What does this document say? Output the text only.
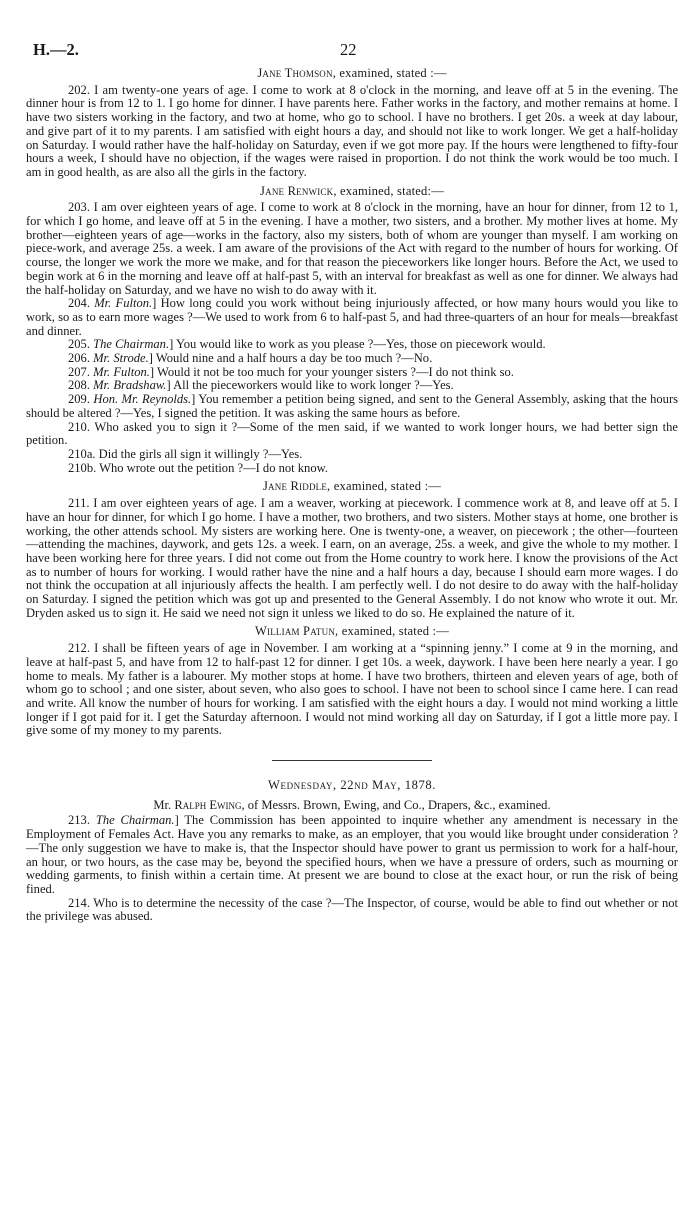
H.—2.	22

Jane Thomson, examined, stated :—

202. I am twenty-one years of age. I come to work at 8 o'clock in the morning, and leave off at 5 in the evening. The dinner hour is from 12 to 1. I go home for dinner. I have parents here. Father works in the factory, and mother remains at home. I have two sisters working in the factory, and two at home, who go to school. I have no brothers. I get 20s. a week at day labour, and give part of it to my parents. I am satisfied with eight hours a day, and should not like to work longer. We get a half-holiday on Saturday. I would rather have the half-holiday on Saturday, even if we got more pay. If the hours were lengthened to fifty-four hours a week, I should have no objection, if the wages were raised in proportion. I do not think the work would be too much. I am in good health, as are also all the girls in the factory.

Jane Renwick, examined, stated:—

203. I am over eighteen years of age. I come to work at 8 o'clock in the morning, have an hour for dinner, from 12 to 1, for which I go home, and leave off at 5 in the evening. I have a mother, two sisters, and a brother. My mother lives at home. My brother—eighteen years of age—works in the factory, also my sisters, both of whom are younger than myself. I am working on piece-work, and average 25s. a week. I am aware of the provisions of the Act with regard to the number of hours for working. Of course, the longer we work the more we make, and for that reason the pieceworkers like longer hours. Before the Act, we used to begin work at 6 in the morning and leave off at half-past 5, with an interval for breakfast as well as one for dinner. We always had the half-holiday on Saturday, and we have no wish to do away with it.

204. Mr. Fulton.] How long could you work without being injuriously affected, or how many hours would you like to work, so as to earn more wages ?—We used to work from 6 to half-past 5, and had three-quarters of an hour for meals—breakfast and dinner.

205. The Chairman.] You would like to work as you please ?—Yes, those on piecework would.

206. Mr. Strode.] Would nine and a half hours a day be too much ?—No.

207. Mr. Fulton.] Would it not be too much for your younger sisters ?—I do not think so.

208. Mr. Bradshaw.] All the pieceworkers would like to work longer ?—Yes.

209. Hon. Mr. Reynolds.] You remember a petition being signed, and sent to the General Assembly, asking that the hours should be altered ?—Yes, I signed the petition. It was asking the same hours as before.

210. Who asked you to sign it ?—Some of the men said, if we wanted to work longer hours, we had better sign the petition.

210a. Did the girls all sign it willingly ?—Yes.

210b. Who wrote out the petition ?—I do not know.

Jane Riddle, examined, stated :—

211. I am over eighteen years of age. I am a weaver, working at piecework. I commence work at 8, and leave off at 5. I have an hour for dinner, for which I go home. I have a mother, two brothers, and two sisters. Mother stays at home, one brother is working, the other attends school. My sisters are working here. One is twenty-one, a weaver, on piecework ; the other—fourteen—attending the machines, daywork, and gets 12s. a week. I earn, on an average, 25s. a week, and give the whole to my mother. I have been working here for three years. I did not come out from the Home country to work here. I know the provisions of the Act as to number of hours for working. I would rather have the nine and a half hours a day, because I should earn more wages. I do not think the occupation at all injuriously affects the health. I am perfectly well. I do not desire to do away with the half-holiday on Saturday. I signed the petition which was got up and presented to the General Assembly. I do not know who wrote it out. Mr. Dryden asked us to sign it. He said we need not sign it unless we liked to do so. He explained the nature of it.

William Patun, examined, stated :—

212. I shall be fifteen years of age in November. I am working at a “spinning jenny.” I come at 9 in the morning, and leave at half-past 5, and have from 12 to half-past 12 for dinner. I get 10s. a week, daywork. I have been here nearly a year. I go home to meals. My father is a labourer. My mother stops at home. I have two brothers, thirteen and eleven years of age, both of whom go to school ; and one sister, about seven, who also goes to school. I have not been to school since I came here. I can read and write. All know the number of hours for working. I am satisfied with the eight hours a day. I would not mind working a little longer if I got paid for it. I get the Saturday afternoon. I would not mind working all day on Saturday, if I got a little more pay. I give some of my money to my parents.

Wednesday, 22nd May, 1878.

Mr. Ralph Ewing, of Messrs. Brown, Ewing, and Co., Drapers, &c., examined.

213. The Chairman.] The Commission has been appointed to inquire whether any amendment is necessary in the Employment of Females Act. Have you any remarks to make, as an employer, that you would like brought under consideration ?—The only suggestion we have to make is, that the Inspector should have power to grant us permission to work for a half-hour, an hour, or two hours, as the case may be, beyond the specified hours, when we have a pressure of orders, such as mourning or wedding garments, to finish within a certain time. At present we are bound to close at the exact hour, or run the risk of being fined.

214. Who is to determine the necessity of the case ?—The Inspector, of course, would be able to find out whether or not the privilege was abused.
